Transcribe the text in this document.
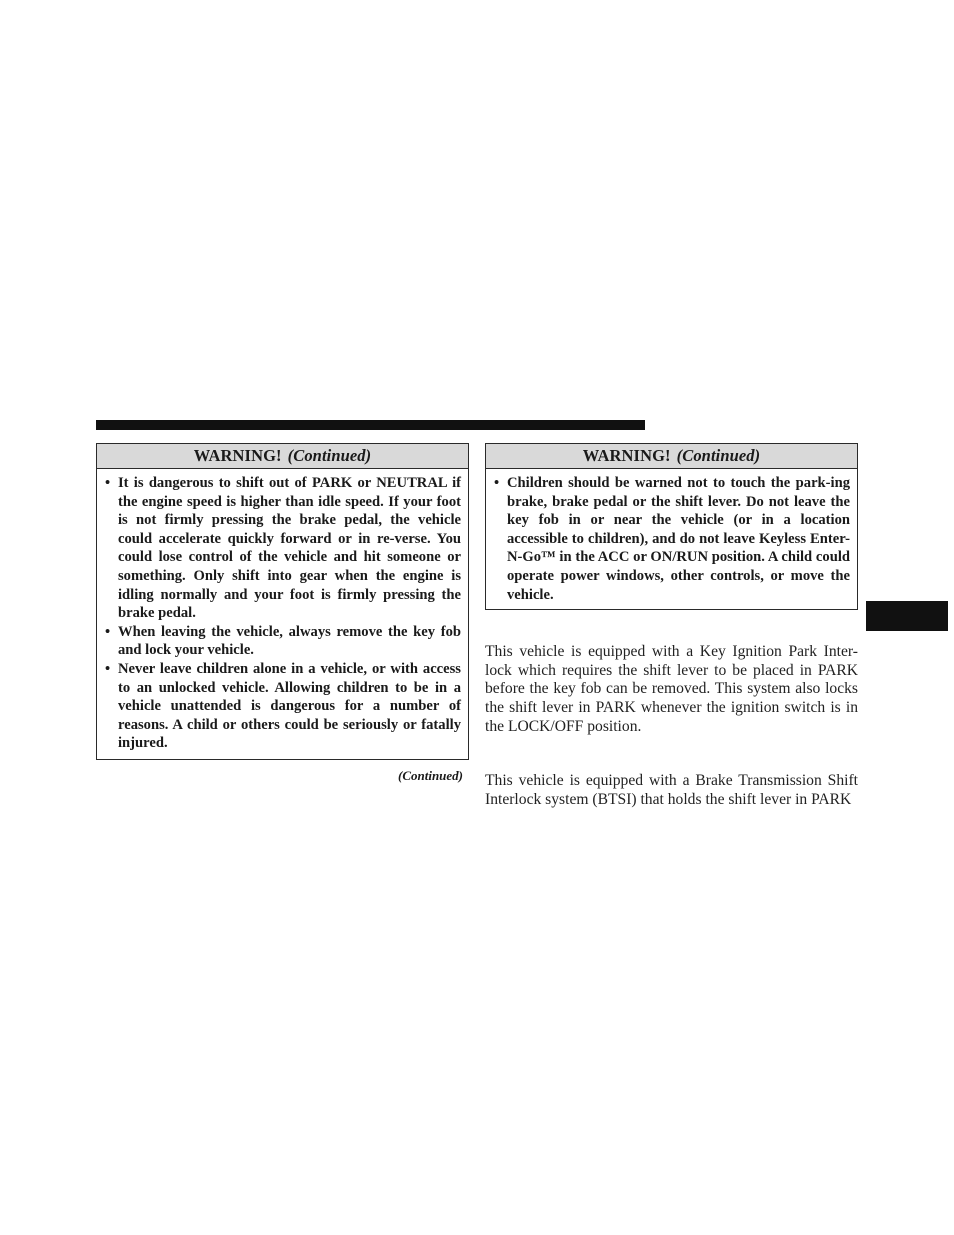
WARNING! (Continued)
• It is dangerous to shift out of PARK or NEUTRAL if the engine speed is higher than idle speed. If your foot is not firmly pressing the brake pedal, the vehicle could accelerate quickly forward or in re-verse. You could lose control of the vehicle and hit someone or something. Only shift into gear when the engine is idling normally and your foot is firmly pressing the brake pedal.
• When leaving the vehicle, always remove the key fob and lock your vehicle.
• Never leave children alone in a vehicle, or with access to an unlocked vehicle. Allowing children to be in a vehicle unattended is dangerous for a number of reasons. A child or others could be seriously or fatally injured.
(Continued)
WARNING! (Continued)
• Children should be warned not to touch the park-ing brake, brake pedal or the shift lever. Do not leave the key fob in or near the vehicle (or in a location accessible to children), and do not leave Keyless Enter-N-Go™ in the ACC or ON/RUN position. A child could operate power windows, other controls, or move the vehicle.

This vehicle is equipped with a Key Ignition Park Inter-lock which requires the shift lever to be placed in PARK before the key fob can be removed. This system also locks the shift lever in PARK whenever the ignition switch is in the LOCK/OFF position.

This vehicle is equipped with a Brake Transmission Shift Interlock system (BTSI) that holds the shift lever in PARK
